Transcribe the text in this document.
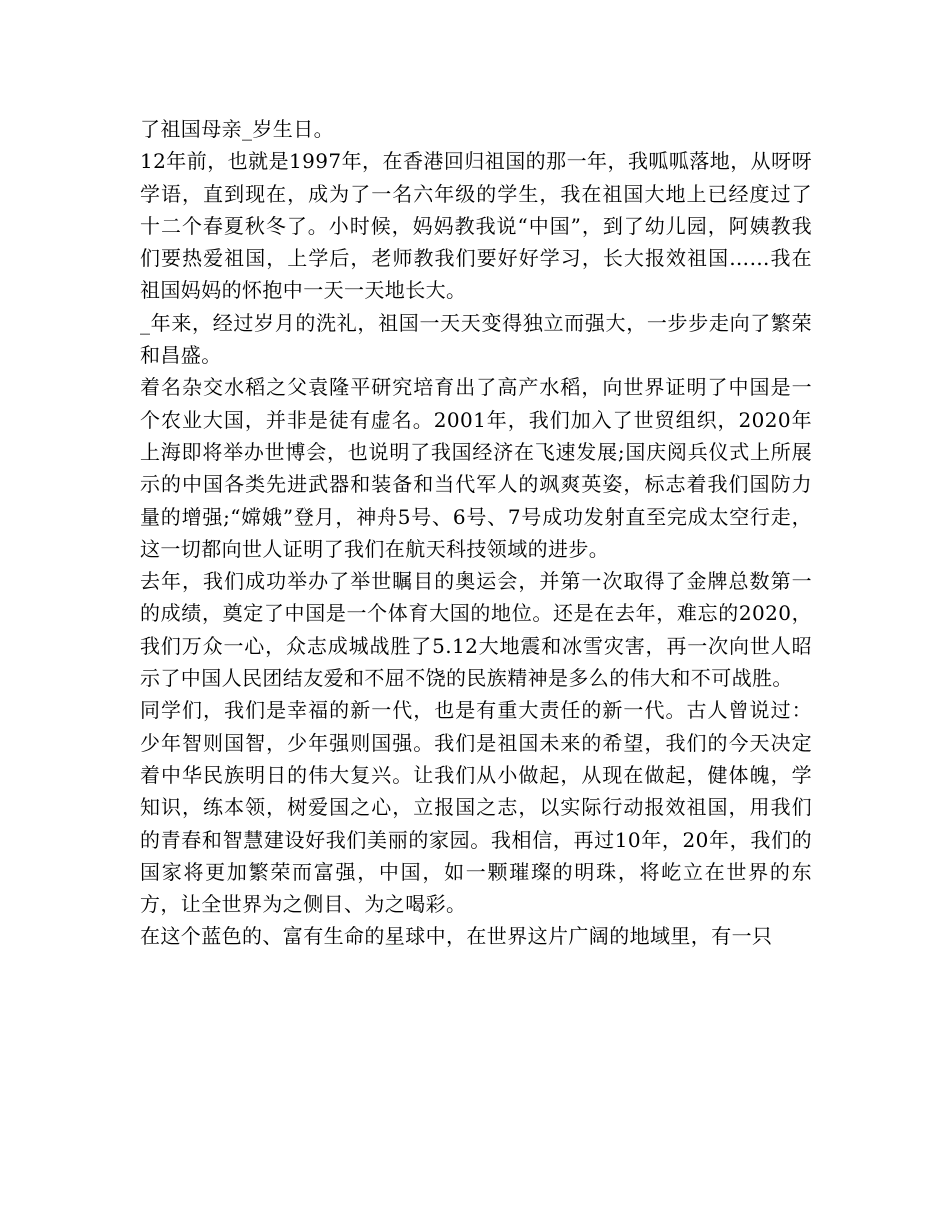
了祖国母亲_岁生日。

12年前，也就是1997年，在香港回归祖国的那一年，我呱呱落地，从呀呀学语，直到现在，成为了一名六年级的学生，我在祖国大地上已经度过了十二个春夏秋冬了。小时候，妈妈教我说“中国”，到了幼儿园，阿姨教我们要热爱祖国，上学后，老师教我们要好好学习，长大报效祖国……我在祖国妈妈的怀抱中一天一天地长大。

_年来，经过岁月的洗礼，祖国一天天变得独立而强大，一步步走向了繁荣和昌盛。

着名杂交水稻之父袁隆平研究培育出了高产水稻，向世界证明了中国是一个农业大国，并非是徒有虚名。2001年，我们加入了世贸组织，2020年上海即将举办世博会，也说明了我国经济在飞速发展;国庆阅兵仪式上所展示的中国各类先进武器和装备和当代军人的飒爽英姿，标志着我们国防力量的增强;“嫦娥”登月，神舟5号、6号、7号成功发射直至完成太空行走，这一切都向世人证明了我们在航天科技领域的进步。

去年，我们成功举办了举世瞩目的奥运会，并第一次取得了金牌总数第一的成绩，奠定了中国是一个体育大国的地位。还是在去年，难忘的2020，我们万众一心，众志成城战胜了5.12大地震和冰雪灾害，再一次向世人昭示了中国人民团结友爱和不屈不饶的民族精神是多么的伟大和不可战胜。

同学们，我们是幸福的新一代，也是有重大责任的新一代。古人曾说过：少年智则国智，少年强则国强。我们是祖国未来的希望，我们的今天决定着中华民族明日的伟大复兴。让我们从小做起，从现在做起，健体魄，学知识，练本领，树爱国之心，立报国之志，以实际行动报效祖国，用我们的青春和智慧建设好我们美丽的家园。我相信，再过10年，20年，我们的国家将更加繁荣而富强，中国，如一颗璀璨的明珠，将屹立在世界的东方，让全世界为之侧目、为之喝彩。

在这个蓝色的、富有生命的星球中，在世界这片广阔的地域里，有一只
